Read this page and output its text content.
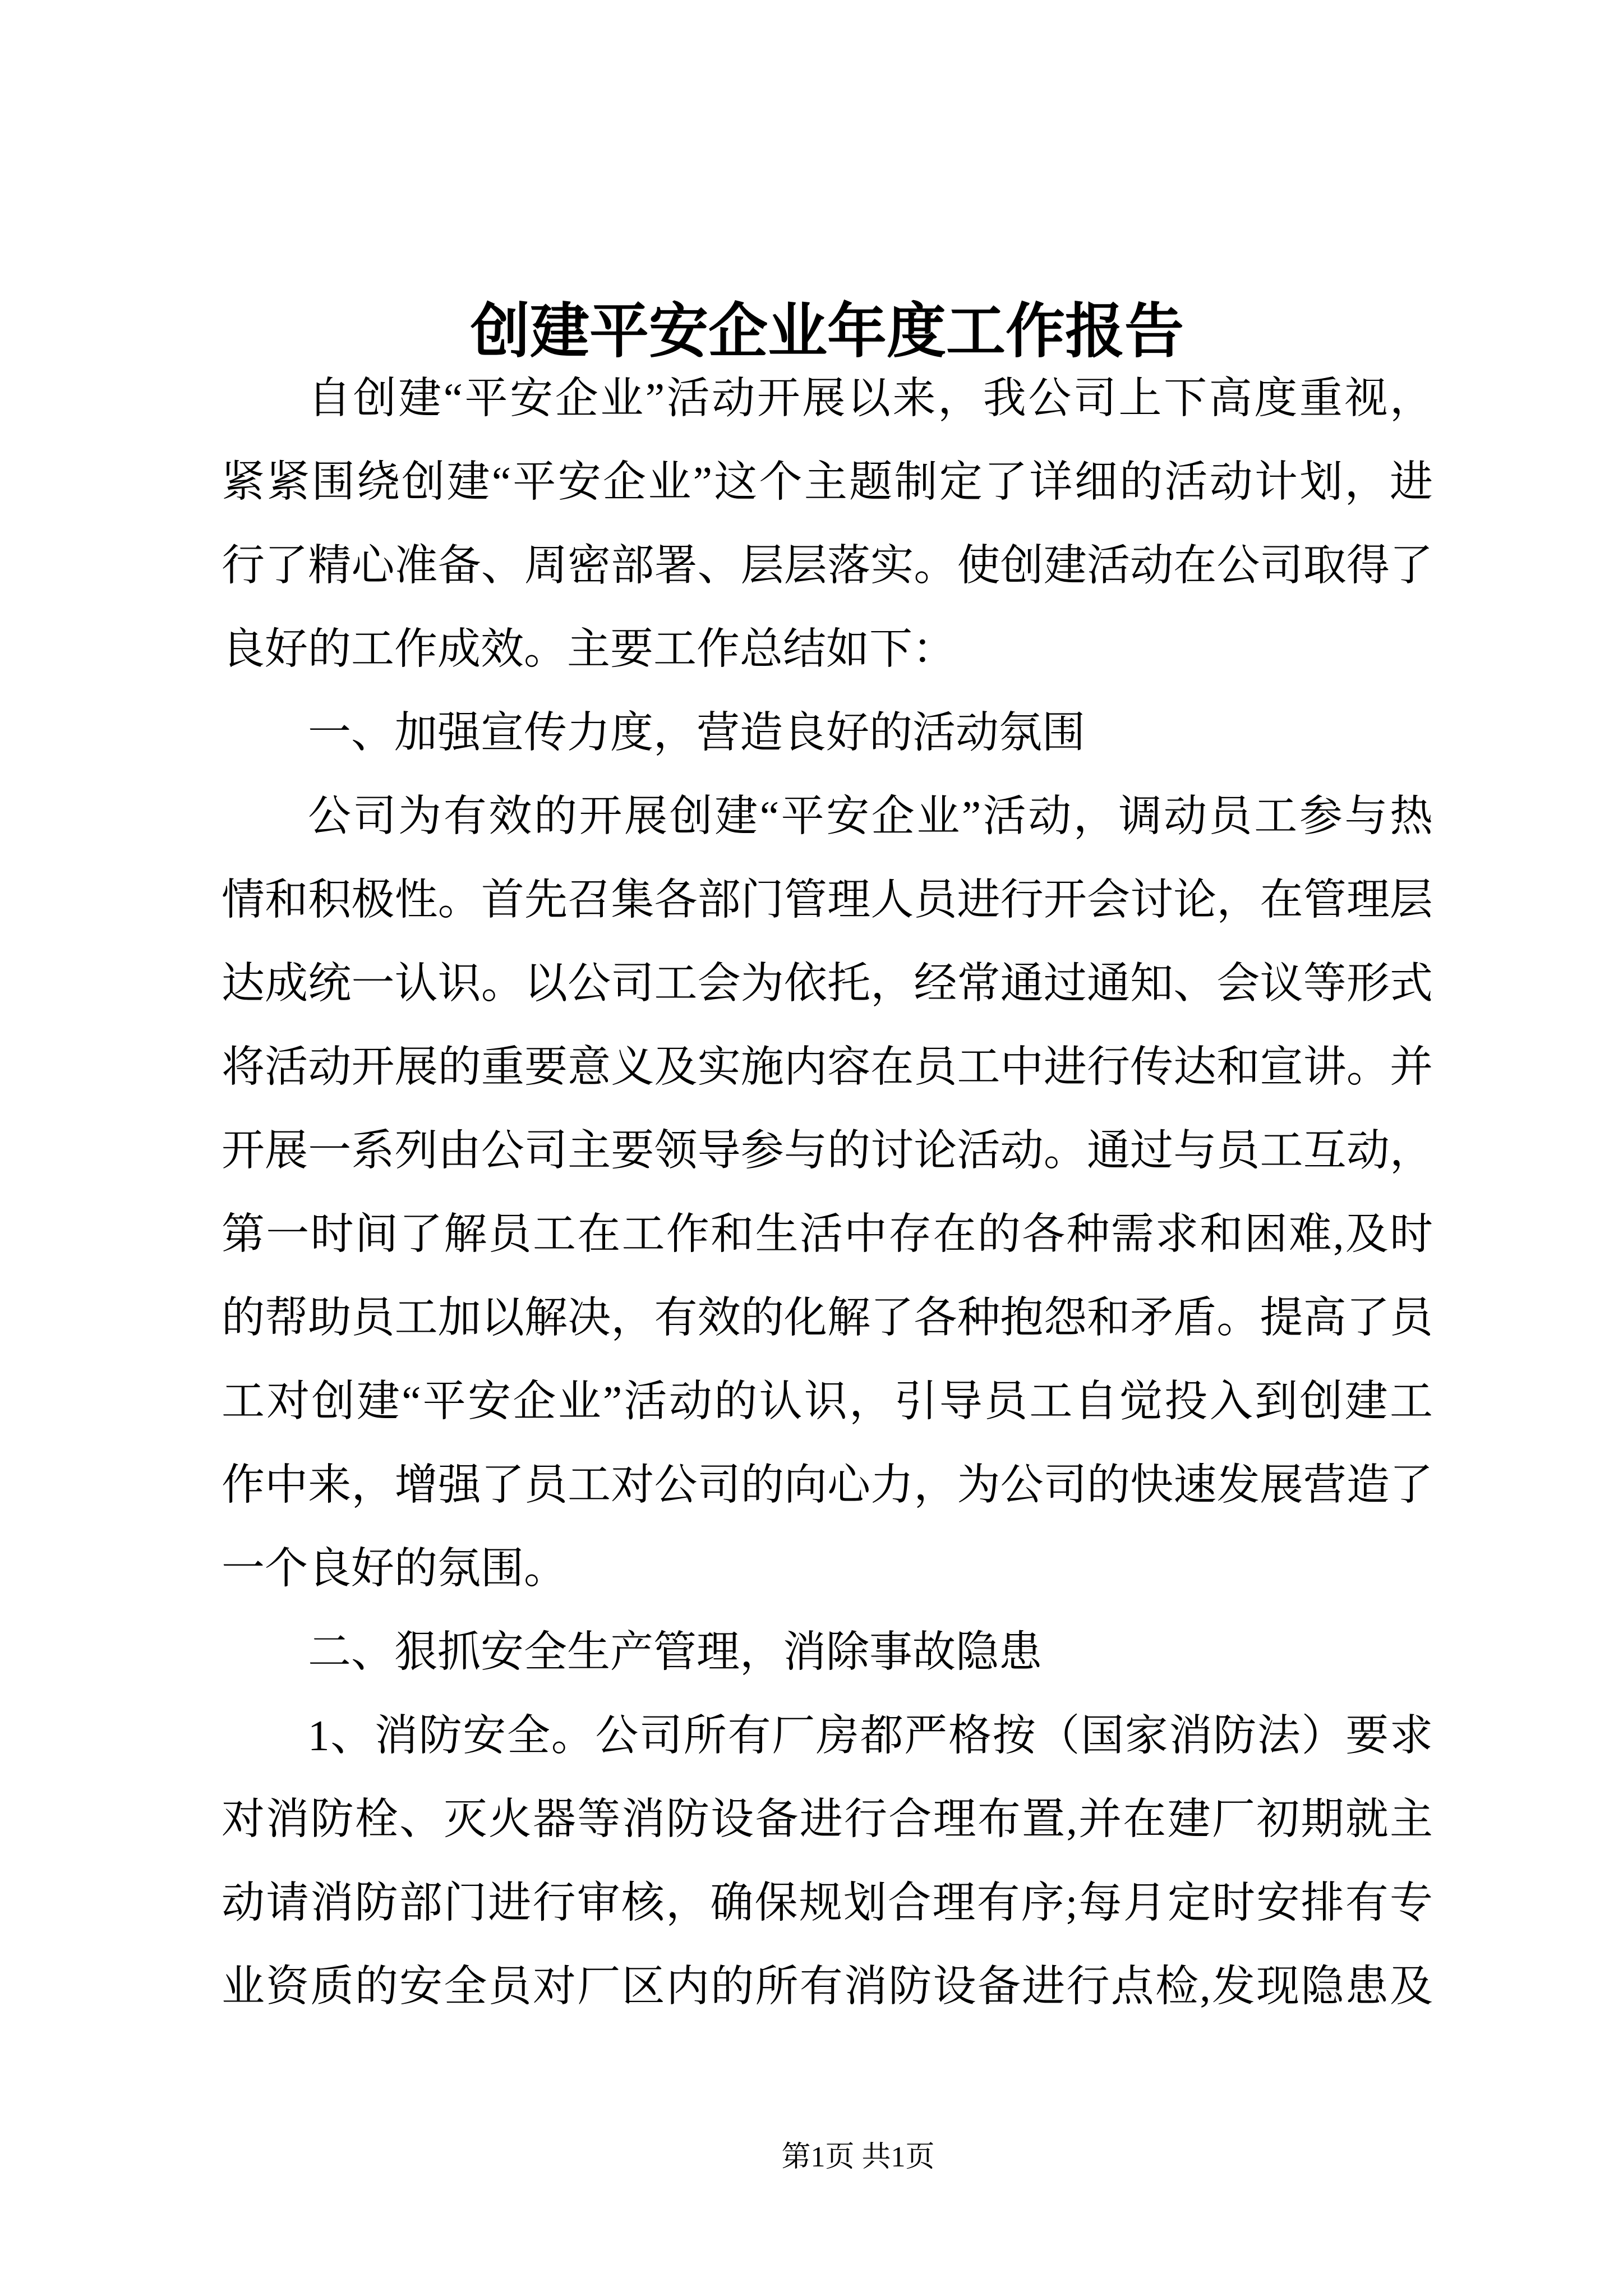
创建平安企业年度工作报告
自创建“平安企业”活动开展以来，我公司上下高度重视，
紧紧围绕创建“平安企业”这个主题制定了详细的活动计划，进
行了精心准备、周密部署、层层落实。使创建活动在公司取得了
良好的工作成效。主要工作总结如下：
一、加强宣传力度，营造良好的活动氛围
公司为有效的开展创建“平安企业”活动，调动员工参与热
情和积极性。首先召集各部门管理人员进行开会讨论，在管理层
达成统一认识。以公司工会为依托，经常通过通知、会议等形式
将活动开展的重要意义及实施内容在员工中进行传达和宣讲。并
开展一系列由公司主要领导参与的讨论活动。通过与员工互动，
第一时间了解员工在工作和生活中存在的各种需求和困难,及时
的帮助员工加以解决，有效的化解了各种抱怨和矛盾。提高了员
工对创建“平安企业”活动的认识，引导员工自觉投入到创建工
作中来，增强了员工对公司的向心力，为公司的快速发展营造了
一个良好的氛围。
二、狠抓安全生产管理，消除事故隐患
1、消防安全。公司所有厂房都严格按（国家消防法）要求
对消防栓、灭火器等消防设备进行合理布置,并在建厂初期就主
动请消防部门进行审核，确保规划合理有序;每月定时安排有专
业资质的安全员对厂区内的所有消防设备进行点检,发现隐患及
第1页 共1页
